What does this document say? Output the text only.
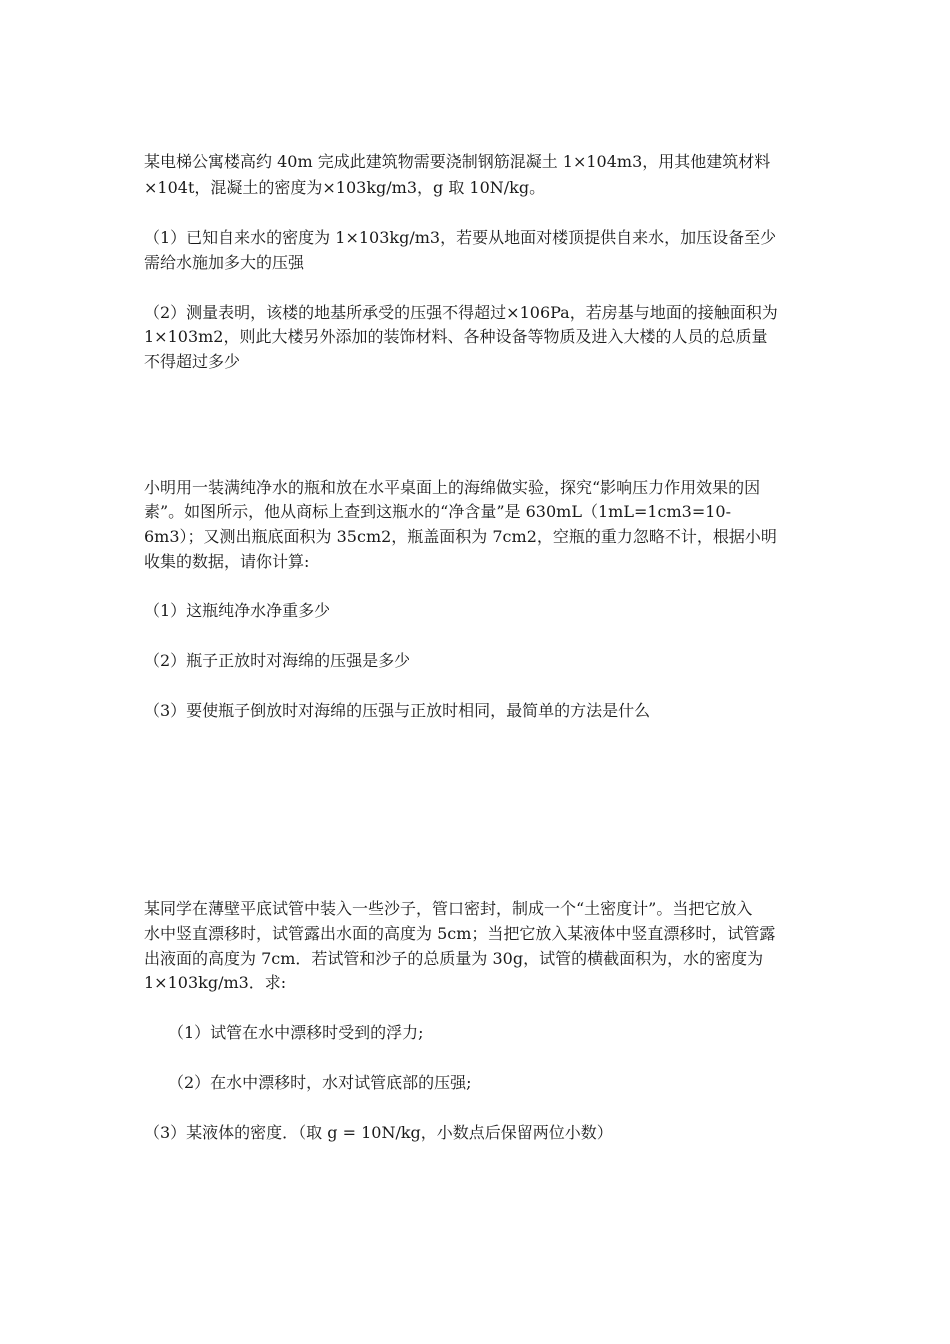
某电梯公寓楼高约 40m 完成此建筑物需要浇制钢筋混凝土 1×104m3，用其他建筑材料
×104t，混凝土的密度为×103kg/m3，g 取 10N/kg。
（1）已知自来水的密度为 1×103kg/m3，若要从地面对楼顶提供自来水，加压设备至少
需给水施加多大的压强
（2）测量表明，该楼的地基所承受的压强不得超过×106Pa，若房基与地面的接触面积为
1×103m2，则此大楼另外添加的装饰材料、各种设备等物质及进入大楼的人员的总质量
不得超过多少
小明用一装满纯净水的瓶和放在水平桌面上的海绵做实验，探究“影响压力作用效果的因
素”。如图所示，他从商标上查到这瓶水的“净含量”是 630mL（1mL=1cm3=10-
6m3）；又测出瓶底面积为 35cm2，瓶盖面积为 7cm2，空瓶的重力忽略不计，根据小明
收集的数据，请你计算:
（1）这瓶纯净水净重多少
（2）瓶子正放时对海绵的压强是多少
（3）要使瓶子倒放时对海绵的压强与正放时相同，最简单的方法是什么
某同学在薄壁平底试管中装入一些沙子，管口密封，制成一个“土密度计”。当把它放入
水中竖直漂移时，试管露出水面的高度为 5cm；当把它放入某液体中竖直漂移时，试管露
出液面的高度为 7cm．若试管和沙子的总质量为 30g，试管的横截面积为，水的密度为
1×103kg/m3．求:
（1）试管在水中漂移时受到的浮力;
（2）在水中漂移时，水对试管底部的压强;
（3）某液体的密度．（取 g = 10N/kg，小数点后保留两位小数）
